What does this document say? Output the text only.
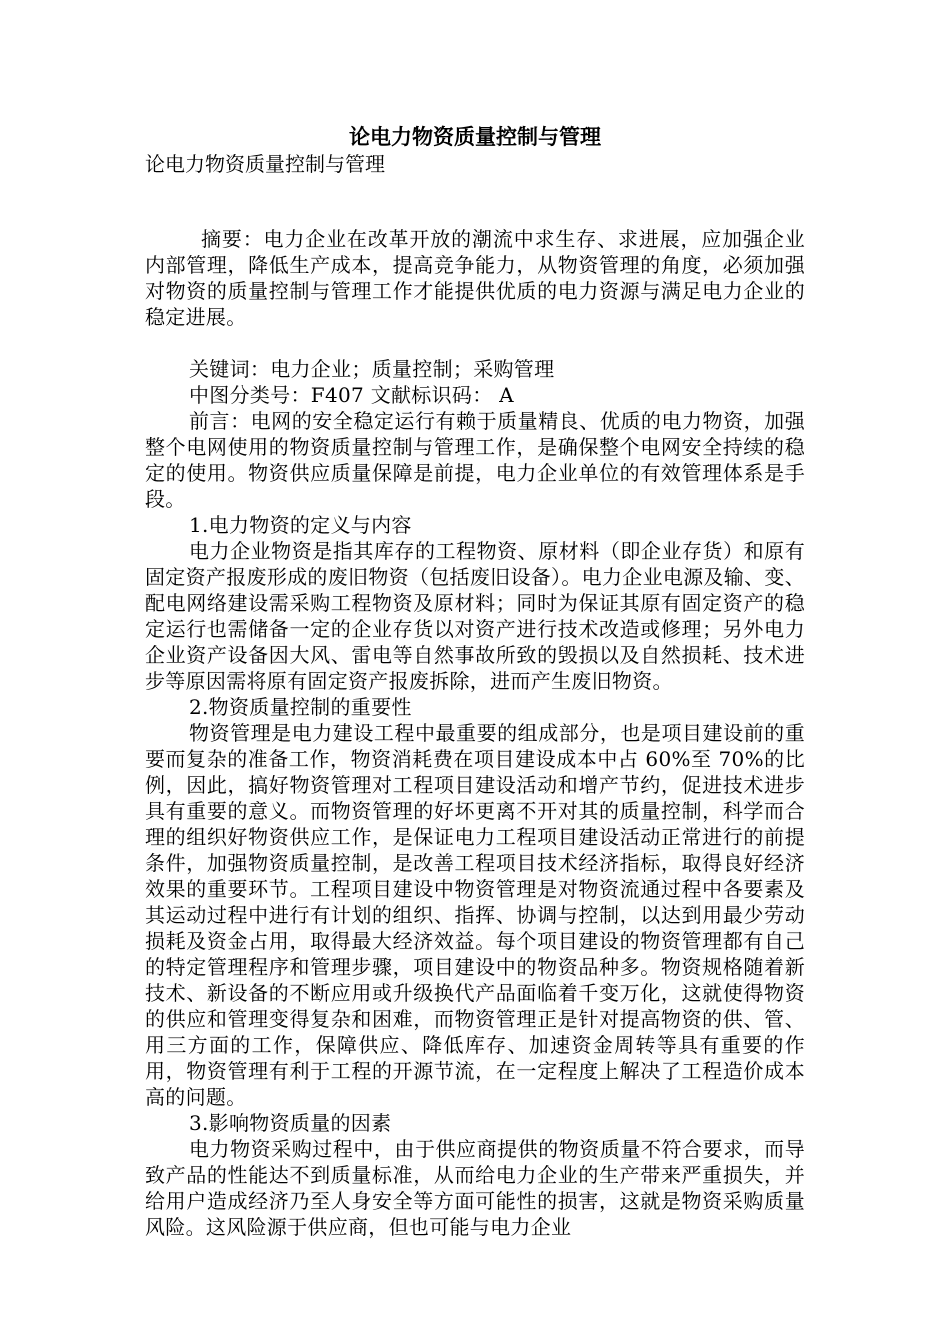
论电力物资质量控制与管理
论电力物资质量控制与管理

摘要：电力企业在改革开放的潮流中求生存、求进展，应加强企业内部管理，降低生产成本，提高竞争能力，从物资管理的角度，必须加强对物资的质量控制与管理工作才能提供优质的电力资源与满足电力企业的稳定进展。

关键词：电力企业；质量控制；采购管理

中图分类号：F407 文献标识码： A

前言：电网的安全稳定运行有赖于质量精良、优质的电力物资，加强整个电网使用的物资质量控制与管理工作，是确保整个电网安全持续的稳定的使用。物资供应质量保障是前提，电力企业单位的有效管理体系是手段。

1.电力物资的定义与内容

电力企业物资是指其库存的工程物资、原材料（即企业存货）和原有固定资产报废形成的废旧物资（包括废旧设备）。电力企业电源及输、变、配电网络建设需采购工程物资及原材料；同时为保证其原有固定资产的稳定运行也需储备一定的企业存货以对资产进行技术改造或修理；另外电力企业资产设备因大风、雷电等自然事故所致的毁损以及自然损耗、技术进步等原因需将原有固定资产报废拆除，进而产生废旧物资。

2.物资质量控制的重要性

物资管理是电力建设工程中最重要的组成部分，也是项目建设前的重要而复杂的准备工作，物资消耗费在项目建设成本中占 60%至 70%的比例，因此，搞好物资管理对工程项目建设活动和增产节约，促进技术进步具有重要的意义。而物资管理的好坏更离不开对其的质量控制，科学而合理的组织好物资供应工作，是保证电力工程项目建设活动正常进行的前提条件，加强物资质量控制，是改善工程项目技术经济指标，取得良好经济效果的重要环节。工程项目建设中物资管理是对物资流通过程中各要素及其运动过程中进行有计划的组织、指挥、协调与控制，以达到用最少劳动损耗及资金占用，取得最大经济效益。每个项目建设的物资管理都有自己的特定管理程序和管理步骤，项目建设中的物资品种多。物资规格随着新技术、新设备的不断应用或升级换代产品面临着千变万化，这就使得物资的供应和管理变得复杂和困难，而物资管理正是针对提高物资的供、管、用三方面的工作，保障供应、降低库存、加速资金周转等具有重要的作用，物资管理有利于工程的开源节流，在一定程度上解决了工程造价成本高的问题。

3.影响物资质量的因素

电力物资采购过程中，由于供应商提供的物资质量不符合要求，而导致产品的性能达不到质量标准，从而给电力企业的生产带来严重损失，并给用户造成经济乃至人身安全等方面可能性的损害，这就是物资采购质量风险。这风险源于供应商，但也可能与电力企业
